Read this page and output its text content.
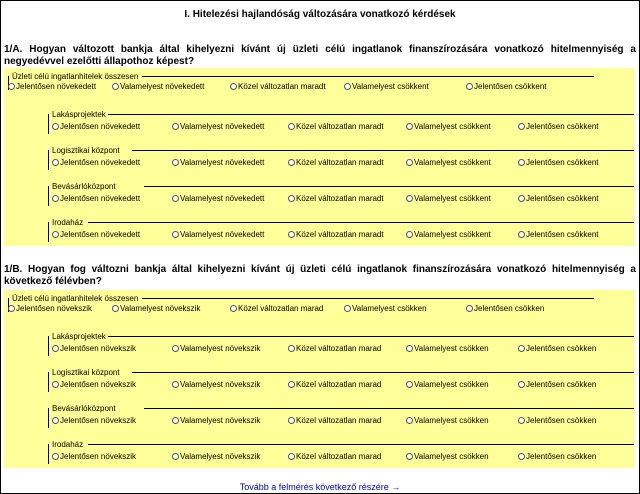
I. Hitelezési hajlandóság változására vonatkozó kérdések
1/A. Hogyan változott bankja által kihelyezni kívánt új üzleti célú ingatlanok finanszírozására vonatkozó hitelmennyiség a negyedévvel ezelőtti állapothoz képest?
Üzleti célú ingatlanhitelek összesen
Jelentősen növekedett	Valamelyest növekedett	Közel változatlan maradt	Valamelyest csökkent	Jelentősen csökkent
Lakásprojektek
Jelentősen növekedett	Valamelyest növekedett	Közel változatlan maradt	Valamelyest csökkent	Jelentősen csökkent
Logisztikai központ
Jelentősen növekedett	Valamelyest növekedett	Közel változatlan maradt	Valamelyest csökkent	Jelentősen csökkent
Bevásárlóközpont
Jelentősen növekedett	Valamelyest növekedett	Közel változatlan maradt	Valamelyest csökkent	Jelentősen csökkent
Irodaház
Jelentősen növekedett	Valamelyest növekedett	Közel változatlan maradt	Valamelyest csökkent	Jelentősen csökkent
1/B. Hogyan fog változni bankja által kihelyezni kívánt új üzleti célú ingatlanok finanszírozására vonatkozó hitelmennyiség a következő félévben?
Üzleti célú ingatlanhitelek összesen
Jelentősen növekszik	Valamelyest növekszik	Közel változatlan marad	Valamelyest csökken	Jelentősen csökken
Lakásprojektek
Jelentősen növekszik	Valamelyest növekszik	Közel változatlan marad	Valamelyest csökken	Jelentősen csökken
Logisztikai központ
Jelentősen növekszik	Valamelyest növekszik	Közel változatlan marad	Valamelyest csökken	Jelentősen csökken
Bevásárlóközpont
Jelentősen növekszik	Valamelyest növekszik	Közel változatlan marad	Valamelyest csökken	Jelentősen csökken
Irodaház
Jelentősen növekszik	Valamelyest növekszik	Közel változatlan marad	Valamelyest csökken	Jelentősen csökken
Tovább a felmérés következő részére →
